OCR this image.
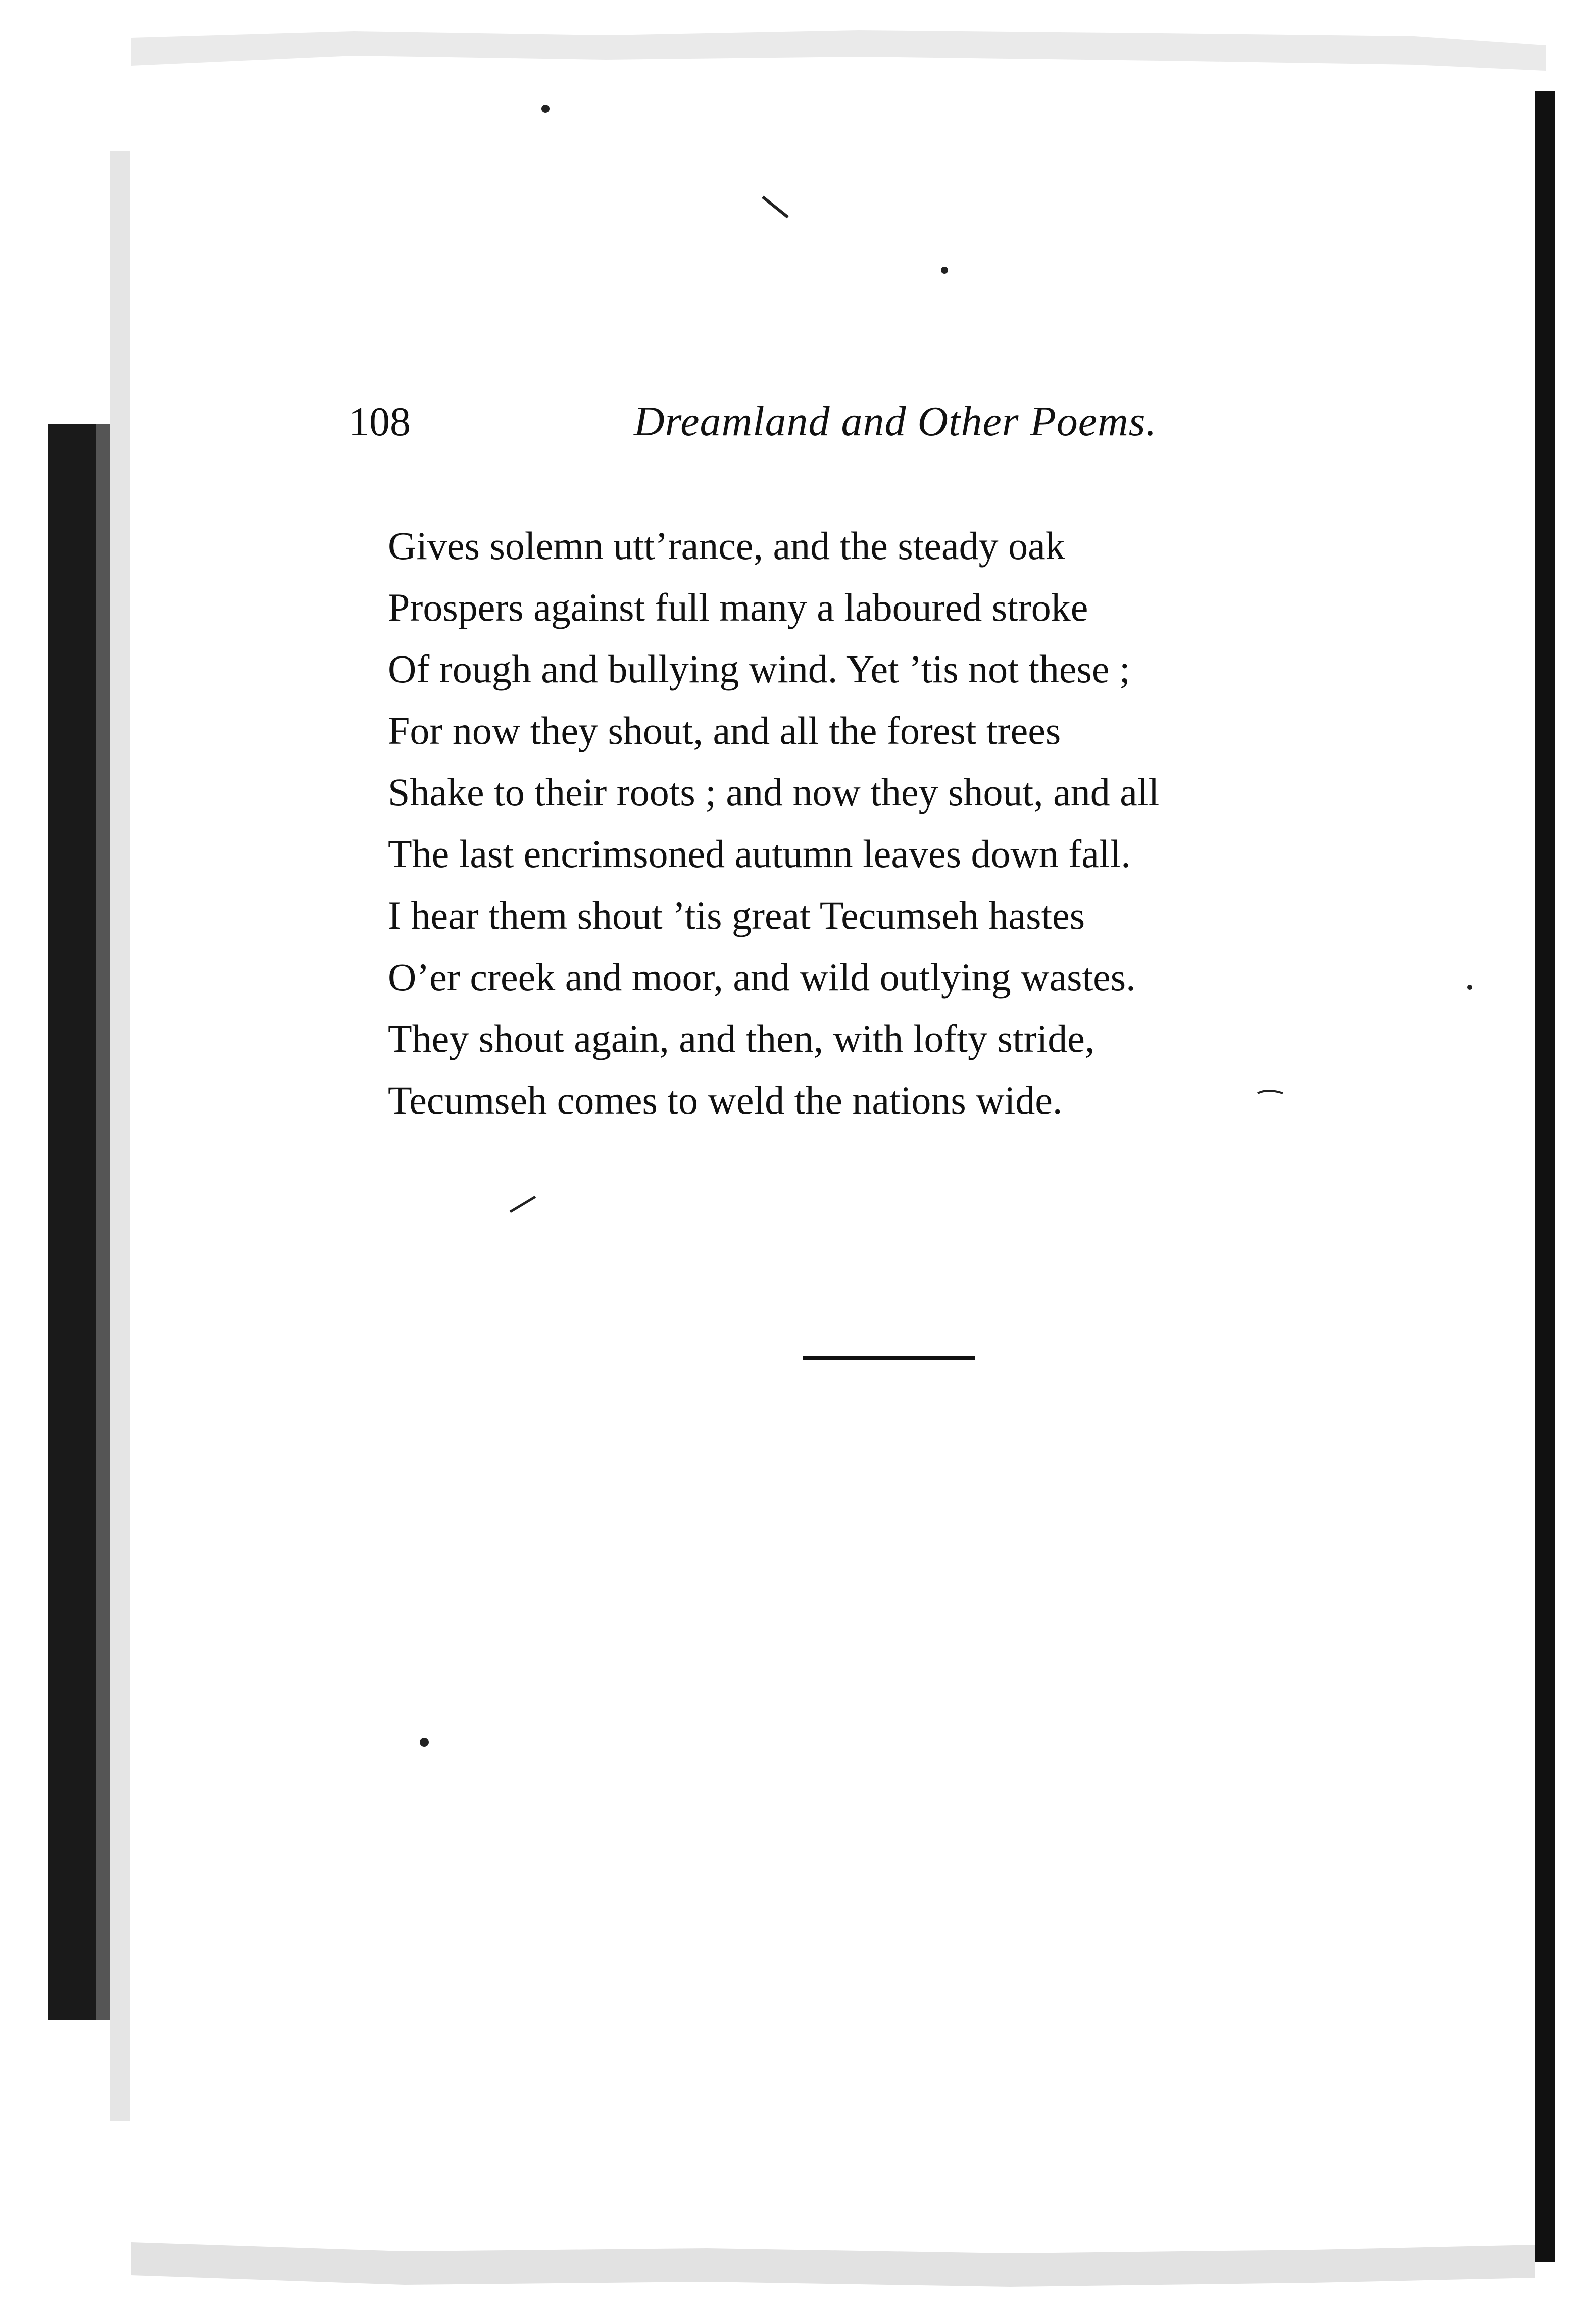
108	Dreamland and Other Poems.
Gives solemn utt’rance, and the steady oak
Prospers against full many a laboured stroke
Of rough and bullying wind. Yet ’tis not these ;
For now they shout, and all the forest trees
Shake to their roots ; and now they shout, and all
The last encrimsoned autumn leaves down fall.
I hear them shout ’tis great Tecumseh hastes
O’er creek and moor, and wild outlying wastes.
They shout again, and then, with lofty stride,
Tecumseh comes to weld the nations wide.
